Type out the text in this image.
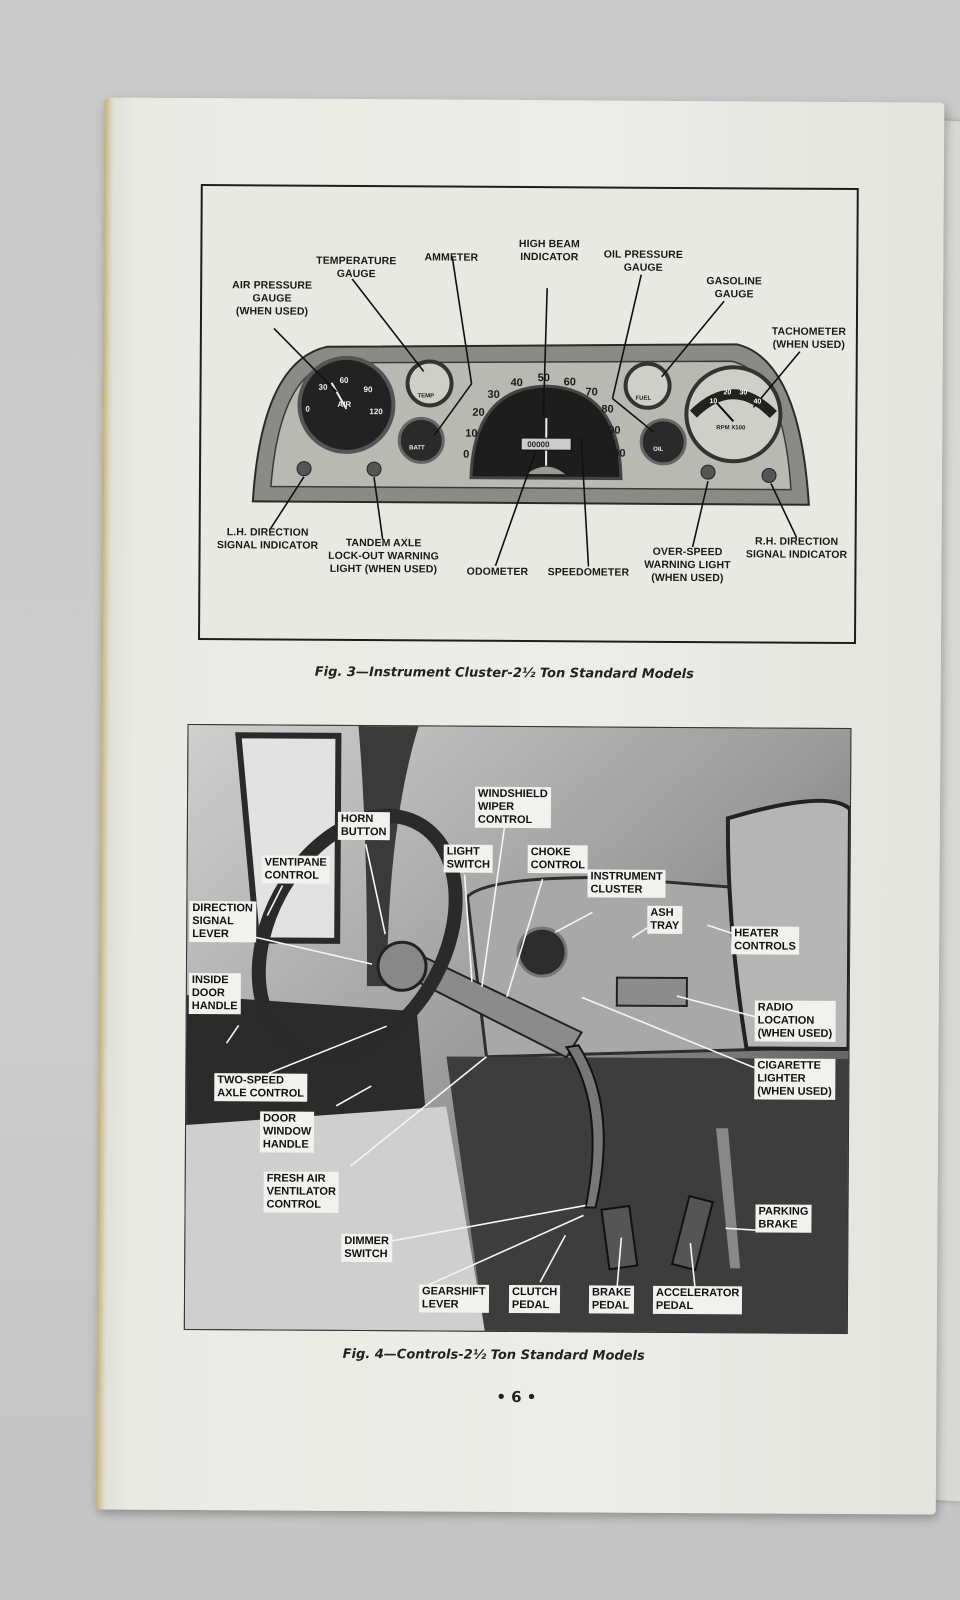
0
30
60
90
120
AIR
BATT	OIL
TEMP	FUEL
RPM X100
10
20 30
40
00000
0
10
20
30
40 50 60
70
80
90
100
AIR PRESSURE
GAUGE
(WHEN USED)
TEMPERATURE
GAUGE
AMMETER
HIGH BEAM
INDICATOR	OIL PRESSURE
GAUGE
GASOLINE
GAUGE
TACHOMETER
(WHEN USED)
L.H. DIRECTION
SIGNAL INDICATOR	TANDEM AXLE
LOCK-OUT WARNING
LIGHT (WHEN USED)	ODOMETER	SPEEDOMETER
OVER-SPEED
WARNING LIGHT
(WHEN USED)
R.H. DIRECTION
SIGNAL INDICATOR
Fig. 3—Instrument Cluster-2½ Ton Standard Models
WINDSHIELD
WIPER
CONTROL
HORN
BUTTON
LIGHT
SWITCH
CHOKE
CONTROL
INSTRUMENT
CLUSTER
VENTIPANE
CONTROL
DIRECTION
SIGNAL
LEVER
ASH
TRAY
HEATER
CONTROLS
INSIDE
DOOR
HANDLE	RADIO
LOCATION
(WHEN USED)
TWO-SPEED
AXLE CONTROL
CIGARETTE
LIGHTER
(WHEN USED)
DOOR
WINDOW
HANDLE
FRESH AIR
VENTILATOR
CONTROL
PARKING
BRAKE
DIMMER
SWITCH
GEARSHIFT
LEVER
CLUTCH
PEDAL
BRAKE
PEDAL
ACCELERATOR
PEDAL
Fig. 4—Controls-2½ Ton Standard Models
• 6 •
